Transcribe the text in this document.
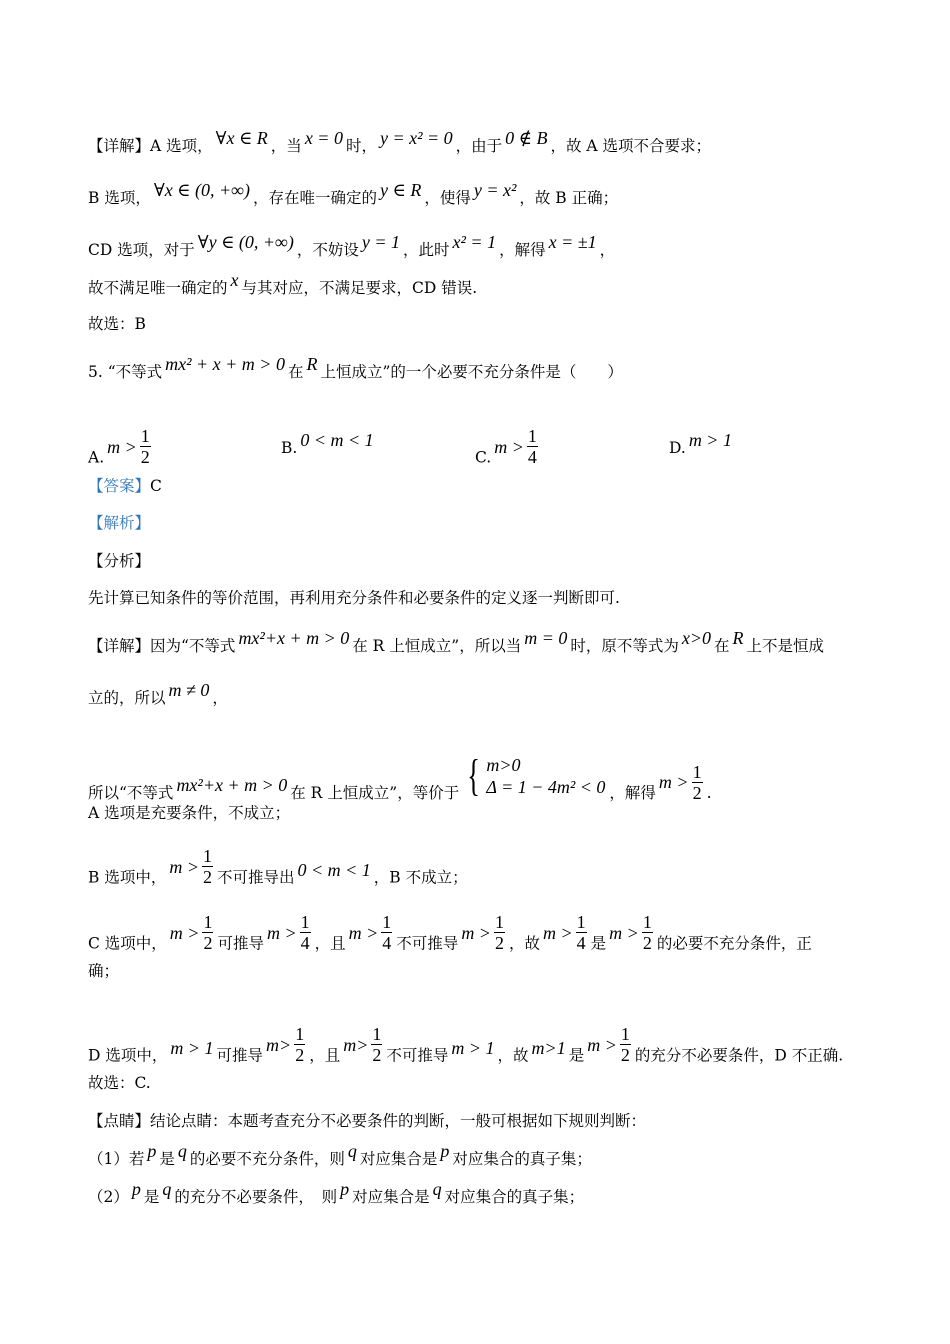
【详解】A 选项， ∀x ∈ R ，当 x = 0 时， y = x² = 0 ，由于 0 ∉ B ，故 A 选项不合要求；
B 选项， ∀x ∈ (0, +∞) ，存在唯一确定的 y ∈ R ，使得 y = x² ，故 B 正确；
CD 选项，对于 ∀y ∈ (0, +∞) ，不妨设 y = 1 ，此时 x² = 1 ，解得 x = ±1 ，
故不满足唯一确定的 x 与其对应，不满足要求，CD 错误.
故选：B
5. “不等式 mx² + x + m > 0 在 R 上恒成立”的一个必要不充分条件是（　　）
【答案】C
【解析】
【分析】
先计算已知条件的等价范围，再利用充分条件和必要条件的定义逐一判断即可.
【详解】因为“不等式 mx²+x + m > 0 在 R 上恒成立”，所以当 m = 0 时，原不等式为 x>0 在 R 上不是恒成
立的，所以 m ≠ 0 ，
A 选项是充要条件，不成立；
故选：C.
【点睛】结论点睛：本题考查充分不必要条件的判断，一般可根据如下规则判断：
（1）若 p 是 q 的必要不充分条件，则 q 对应集合是 p 对应集合的真子集；
（2） p 是 q 的充分不必要条件，　则 p 对应集合是 q 对应集合的真子集；
A.
$m > \frac{1}{2}$	B. 0 < m < 1
C.
$m > \frac{1}{4}$	D. m > 1
所以“不等式 mx²+x + m > 0 在 R 上恒成立”，等价于 { m>0
Δ = 1 − 4m² < 0 ，解得
$m > \frac{1}{2}$ .
B 选项中，
$m > \frac{1}{2}$ 不可推导出 0 < m < 1 ，B 不成立；
C 选项中，
$m > \frac{1}{2}$ 可推导
$m > \frac{1}{4}$ ，且
$m > \frac{1}{4}$ 不可推导
$m > \frac{1}{2}$ ，故
$m > \frac{1}{4}$ 是
$m > \frac{1}{2}$ 的必要不充分条件，正
确；
D 选项中， m > 1 可推导
$m> \frac{1}{2}$ ，且
$m> \frac{1}{2}$ 不可推导 m > 1 ，故 m>1 是
$m > \frac{1}{2}$ 的充分不必要条件，D 不正确.
